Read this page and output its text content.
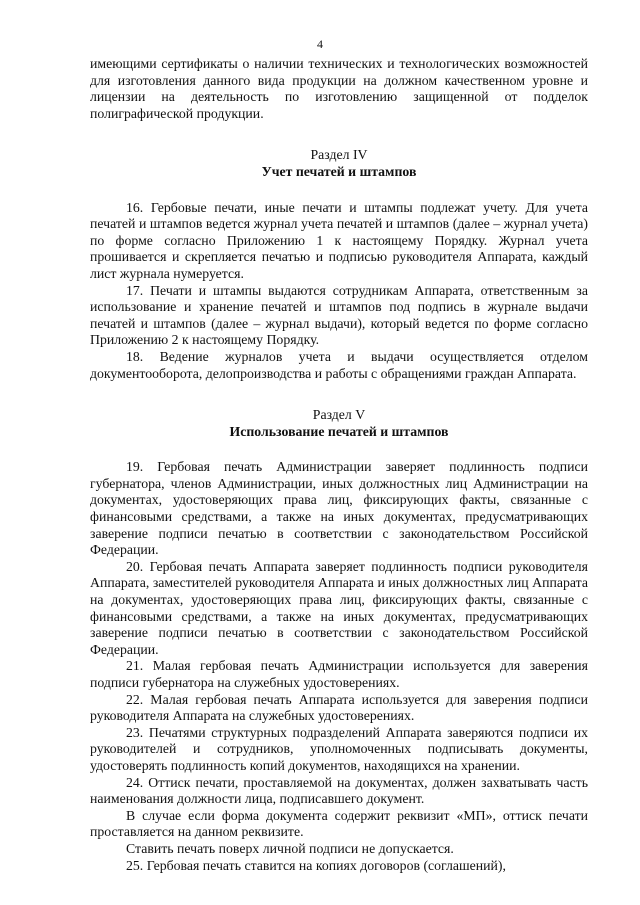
4

имеющими сертификаты о наличии технических и технологических возможностей для изготовления данного вида продукции на должном качественном уровне и лицензии на деятельность по изготовлению защищенной от подделок полиграфической продукции.

Раздел IV
Учет печатей и штампов

16. Гербовые печати, иные печати и штампы подлежат учету. Для учета печатей и штампов ведется журнал учета печатей и штампов (далее – журнал учета) по форме согласно Приложению 1 к настоящему Порядку. Журнал учета прошивается и скрепляется печатью и подписью руководителя Аппарата, каждый лист журнала нумеруется.

17. Печати и штампы выдаются сотрудникам Аппарата, ответственным за использование и хранение печатей и штампов под подпись в журнале выдачи печатей и штампов (далее – журнал выдачи), который ведется по форме согласно Приложению 2 к настоящему Порядку.

18. Ведение журналов учета и выдачи осуществляется отделом документооборота, делопроизводства и работы с обращениями граждан Аппарата.

Раздел V
Использование печатей и штампов

19. Гербовая печать Администрации заверяет подлинность подписи губернатора, членов Администрации, иных должностных лиц Администрации на документах, удостоверяющих права лиц, фиксирующих факты, связанные с финансовыми средствами, а также на иных документах, предусматривающих заверение подписи печатью в соответствии с законодательством Российской Федерации.

20. Гербовая печать Аппарата заверяет подлинность подписи руководителя Аппарата, заместителей руководителя Аппарата и иных должностных лиц Аппарата на документах, удостоверяющих права лиц, фиксирующих факты, связанные с финансовыми средствами, а также на иных документах, предусматривающих заверение подписи печатью в соответствии с законодательством Российской Федерации.

21. Малая гербовая печать Администрации используется для заверения подписи губернатора на служебных удостоверениях.

22. Малая гербовая печать Аппарата используется для заверения подписи руководителя Аппарата на служебных удостоверениях.

23. Печатями структурных подразделений Аппарата заверяются подписи их руководителей и сотрудников, уполномоченных подписывать документы, удостоверять подлинность копий документов, находящихся на хранении.

24. Оттиск печати, проставляемой на документах, должен захватывать часть наименования должности лица, подписавшего документ.

В случае если форма документа содержит реквизит «МП», оттиск печати проставляется на данном реквизите.

Ставить печать поверх личной подписи не допускается.

25. Гербовая печать ставится на копиях договоров (соглашений),
